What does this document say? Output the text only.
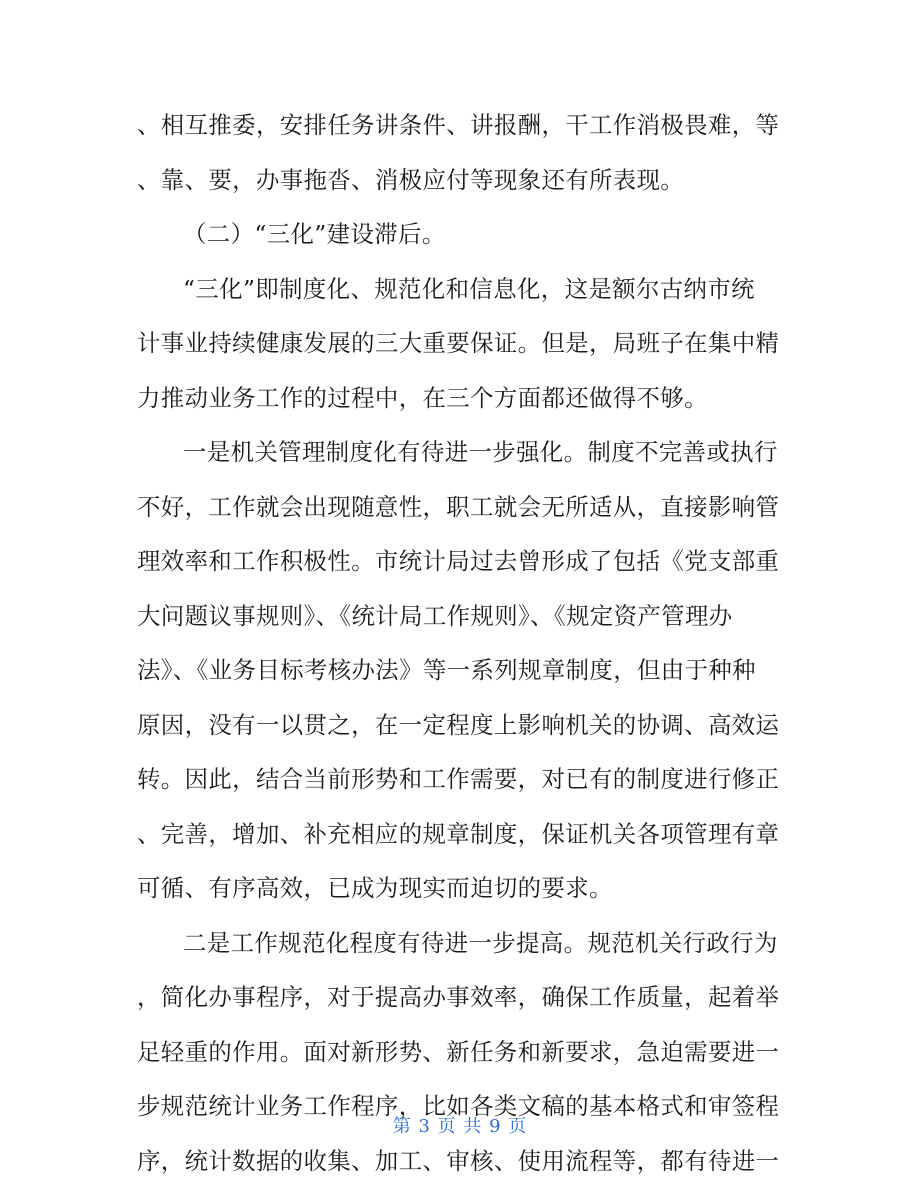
、相互推委，安排任务讲条件、讲报酬，干工作消极畏难，等
、靠、要，办事拖沓、消极应付等现象还有所表现。
（二）“三化”建设滞后。
“三化”即制度化、规范化和信息化，这是额尔古纳市统
计事业持续健康发展的三大重要保证。但是，局班子在集中精
力推动业务工作的过程中，在三个方面都还做得不够。
一是机关管理制度化有待进一步强化。制度不完善或执行
不好，工作就会出现随意性，职工就会无所适从，直接影响管
理效率和工作积极性。市统计局过去曾形成了包括《党支部重
大问题议事规则》、《统计局工作规则》、《规定资产管理办
法》、《业务目标考核办法》等一系列规章制度，但由于种种
原因，没有一以贯之，在一定程度上影响机关的协调、高效运
转。因此，结合当前形势和工作需要，对已有的制度进行修正
、完善，增加、补充相应的规章制度，保证机关各项管理有章
可循、有序高效，已成为现实而迫切的要求。
二是工作规范化程度有待进一步提高。规范机关行政行为
，简化办事程序，对于提高办事效率，确保工作质量，起着举
足轻重的作用。面对新形势、新任务和新要求，急迫需要进一
步规范统计业务工作程序，比如各类文稿的基本格式和审签程
序，统计数据的收集、加工、审核、使用流程等，都有待进一
第 3 页 共 9 页
